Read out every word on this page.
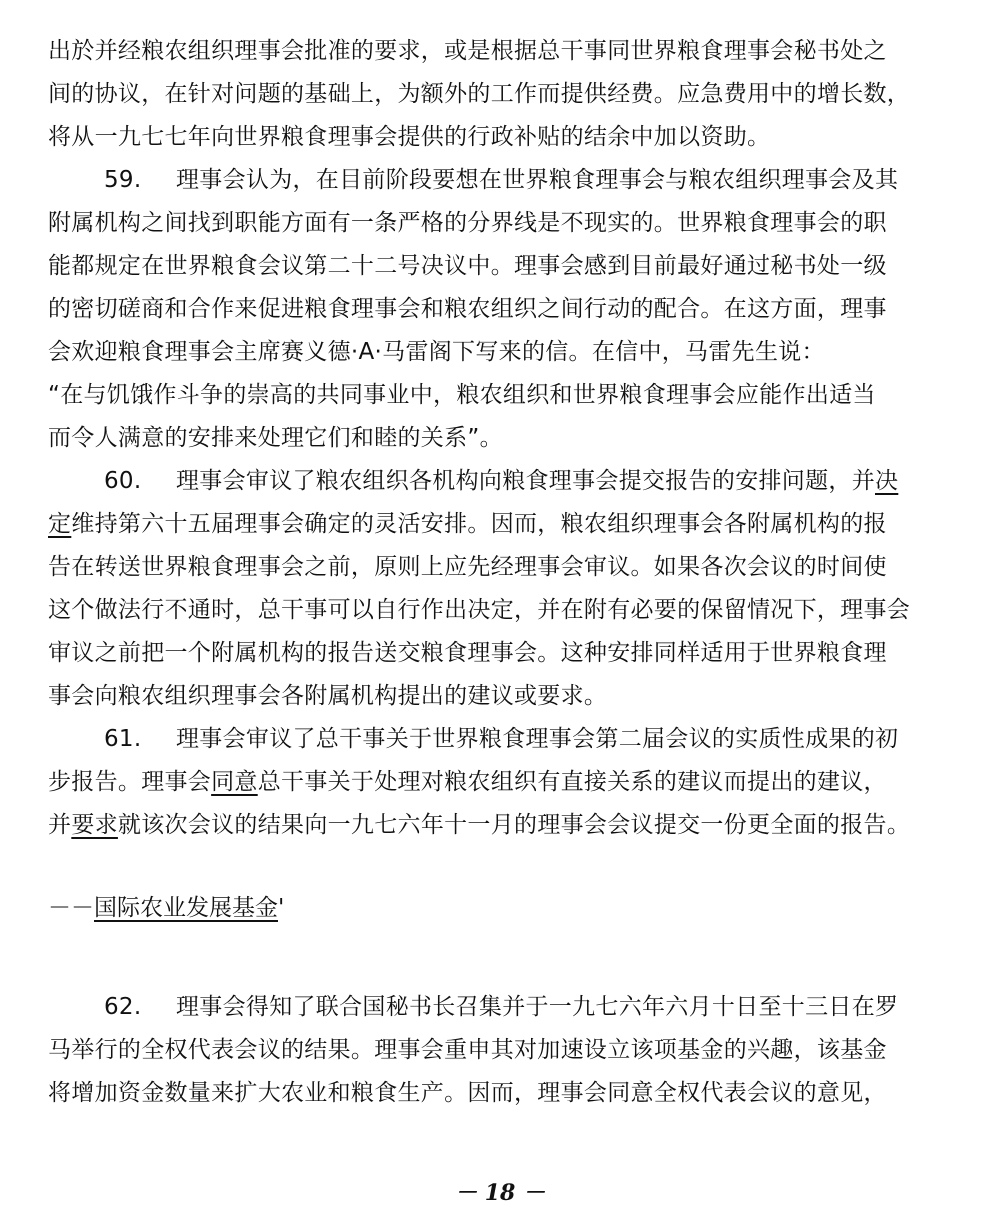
出於并经粮农组织理事会批准的要求，或是根据总干事同世界粮食理事会秘书处之
间的协议，在针对问题的基础上，为额外的工作而提供经费。应急费用中的增长数，
将从一九七七年向世界粮食理事会提供的行政补贴的结余中加以资助。
59. 理事会认为，在目前阶段要想在世界粮食理事会与粮农组织理事会及其
附属机构之间找到职能方面有一条严格的分界线是不现实的。世界粮食理事会的职
能都规定在世界粮食会议第二十二号决议中。理事会感到目前最好通过秘书处一级
的密切磋商和合作来促进粮食理事会和粮农组织之间行动的配合。在这方面，理事
会欢迎粮食理事会主席赛义德·A·马雷阁下写来的信。在信中，马雷先生说：
“在与饥饿作斗争的崇高的共同事业中，粮农组织和世界粮食理事会应能作出适当
而令人满意的安排来处理它们和睦的关系”。
60. 理事会审议了粮农组织各机构向粮食理事会提交报告的安排问题，并决
定维持第六十五届理事会确定的灵活安排。因而，粮农组织理事会各附属机构的报
告在转送世界粮食理事会之前，原则上应先经理事会审议。如果各次会议的时间使
这个做法行不通时，总干事可以自行作出决定，并在附有必要的保留情况下，理事会
审议之前把一个附属机构的报告送交粮食理事会。这种安排同样适用于世界粮食理
事会向粮农组织理事会各附属机构提出的建议或要求。
61. 理事会审议了总干事关于世界粮食理事会第二届会议的实质性成果的初
步报告。理事会同意总干事关于处理对粮农组织有直接关系的建议而提出的建议，
并要求就该次会议的结果向一九七六年十一月的理事会会议提交一份更全面的报告。
－－国际农业发展基金'
62. 理事会得知了联合国秘书长召集并于一九七六年六月十日至十三日在罗
马举行的全权代表会议的结果。理事会重申其对加速设立该项基金的兴趣，该基金
将增加资金数量来扩大农业和粮食生产。因而，理事会同意全权代表会议的意见，
－ 18 －
